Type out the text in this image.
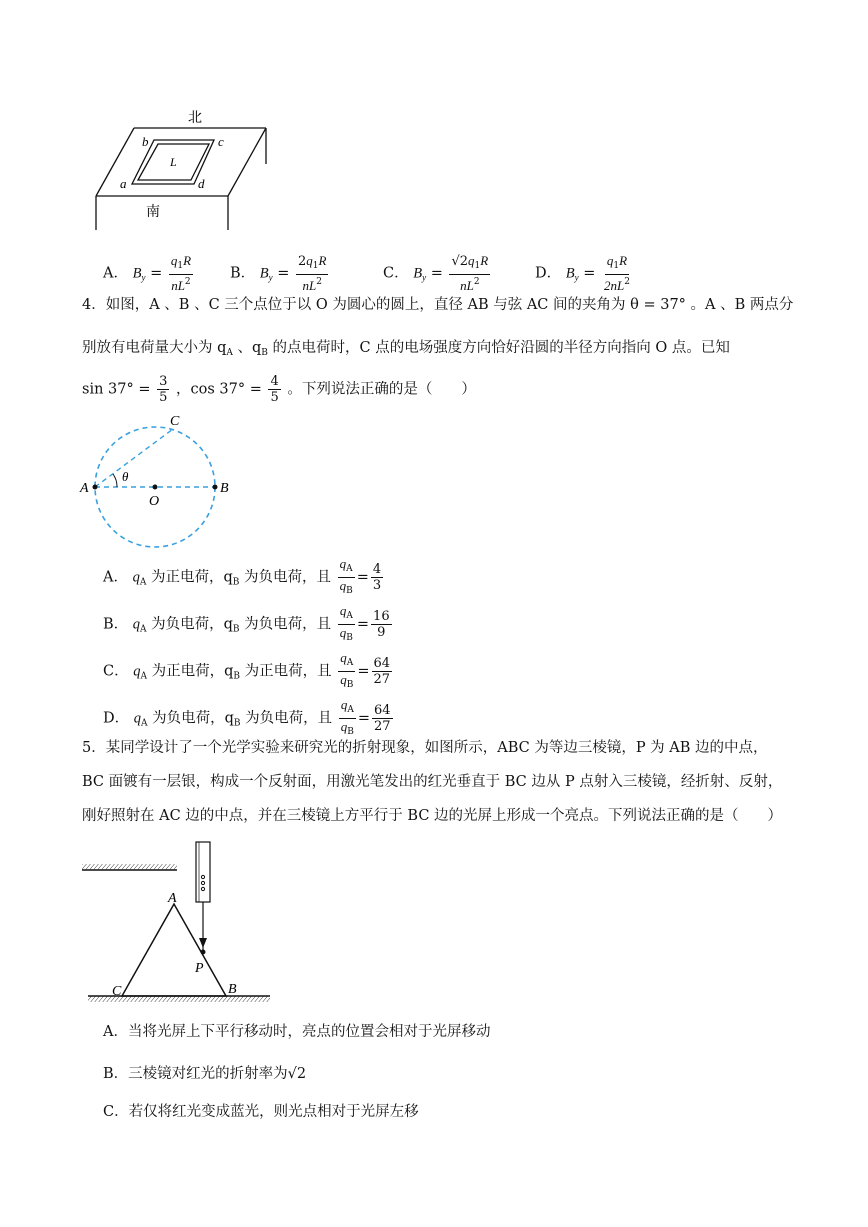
北
南
L
b	c
a	d
A． $B_y = \frac{q_1R}{nL^2}$	B． $B_y = \frac{2q_1R}{nL^2}$	C． $B_y = \frac{√2q_1R}{nL^2}$	D． $B_y = \frac{q_1R}{2nL^2}$
4．如图，A 、B 、C 三个点位于以 O 为圆心的圆上，直径 AB 与弦 AC 间的夹角为 θ = 37° 。A 、B 两点分
别放有电荷量大小为 $q_A$ 、$q_B$ 的点电荷时，C 点的电场强度方向恰好沿圆的半径方向指向 O 点。已知
$\sin 37^\circ = \frac{3}{5}$ ，$\cos 37^\circ = \frac{4}{5}$ 。下列说法正确的是（　　）
A	B
C
O
θ
A． $q_A$ 为正电荷，$q_B$ 为负电荷，且 $\frac{q_A}{q_B} = \frac{4}{3}$
B． $q_A$ 为负电荷，$q_B$ 为负电荷，且 $\frac{q_A}{q_B} = \frac{16}{9}$
C． $q_A$ 为正电荷，$q_B$ 为正电荷，且 $\frac{q_A}{q_B} = \frac{64}{27}$
D． $q_A$ 为负电荷，$q_B$ 为负电荷，且 $\frac{q_A}{q_B} = \frac{64}{27}$
5．某同学设计了一个光学实验来研究光的折射现象，如图所示，ABC 为等边三棱镜，P 为 AB 边的中点，
BC 面镀有一层银，构成一个反射面，用激光笔发出的红光垂直于 BC 边从 P 点射入三棱镜，经折射、反射，
刚好照射在 AC 边的中点，并在三棱镜上方平行于 BC 边的光屏上形成一个亮点。下列说法正确的是（　　）
A
C	B
P
A．当将光屏上下平行移动时，亮点的位置会相对于光屏移动
B．三棱镜对红光的折射率为√2
C．若仅将红光变成蓝光，则光点相对于光屏左移
